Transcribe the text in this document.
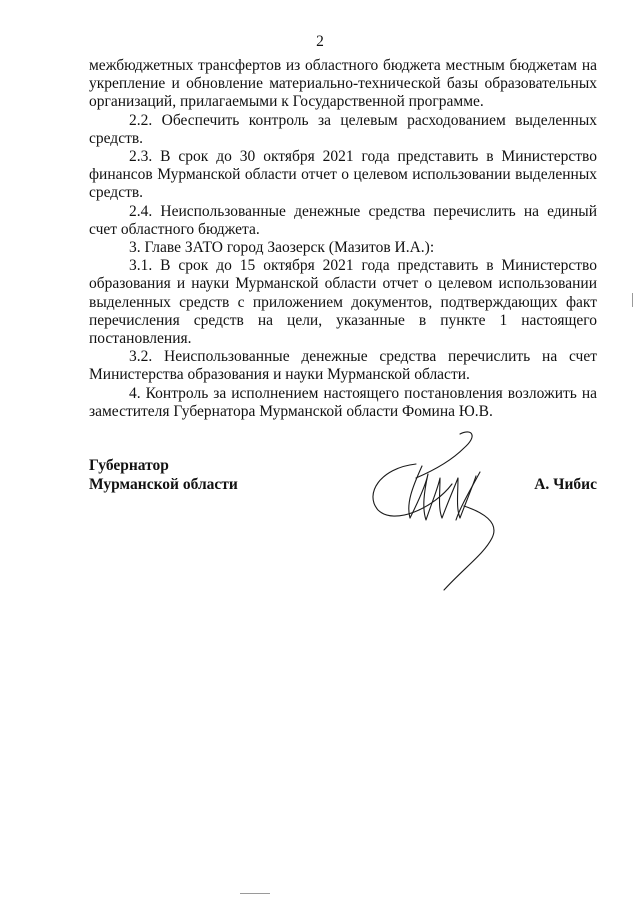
2

межбюджетных трансфертов из областного бюджета местным бюджетам на укрепление и обновление материально-технической базы образовательных организаций, прилагаемыми к Государственной программе.

2.2. Обеспечить контроль за целевым расходованием выделенных средств.

2.3. В срок до 30 октября 2021 года представить в Министерство финансов Мурманской области отчет о целевом использовании выделенных средств.

2.4. Неиспользованные денежные средства перечислить на единый счет областного бюджета.

3. Главе ЗАТО город Заозерск (Мазитов И.А.):

3.1. В срок до 15 октября 2021 года представить в Министерство образования и науки Мурманской области отчет о целевом использовании выделенных средств с приложением документов, подтверждающих факт перечисления средств на цели, указанные в пункте 1 настоящего постановления.

3.2. Неиспользованные денежные средства перечислить на счет Министерства образования и науки Мурманской области.

4. Контроль за исполнением настоящего постановления возложить на заместителя Губернатора Мурманской области Фомина Ю.В.

Губернатор
Мурманской области	А. Чибис
